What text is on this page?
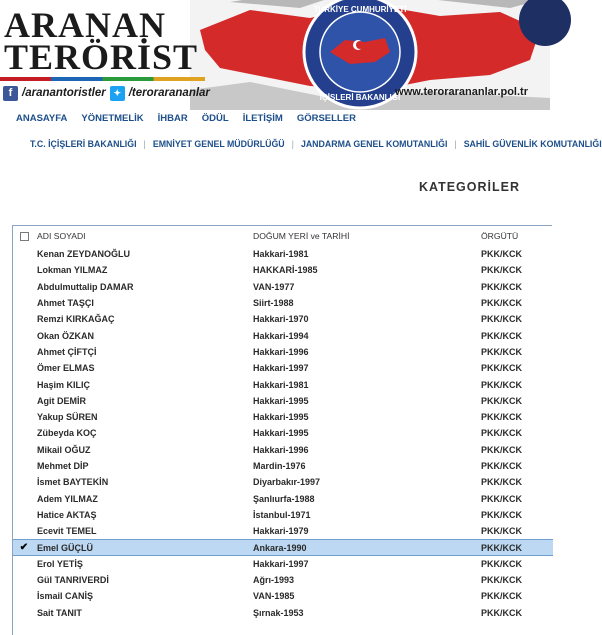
TÜRKİYE CUMHURİYETİ
İÇİŞLERİ BAKANLIĞI
ARANAN
TERÖRİST
f /aranantoristler ✦ /terorarananlar	www.terorarananlar.pol.tr
ANASAYFA YÖNETMELİK İHBAR ÖDÜL İLETİŞİM GÖRSELLER
T.C. İÇİŞLERİ BAKANLIĞI | EMNİYET GENEL MÜDÜRLÜĞÜ | JANDARMA GENEL KOMUTANLIĞI | SAHİL GÜVENLİK KOMUTANLIĞI
KATEGORİLER
ADI SOYADI	DOĞUM YERİ ve TARİHİ	ÖRGÜTÜ
Kenan ZEYDANOĞLU	Hakkari-1981	PKK/KCK
Lokman YILMAZ	HAKKARİ-1985	PKK/KCK
Abdulmuttalip DAMAR	VAN-1977	PKK/KCK
Ahmet TAŞÇI	Siirt-1988	PKK/KCK
Remzi KIRKAĞAÇ	Hakkari-1970	PKK/KCK
Okan ÖZKAN	Hakkari-1994	PKK/KCK
Ahmet ÇİFTÇİ	Hakkari-1996	PKK/KCK
Ömer ELMAS	Hakkari-1997	PKK/KCK
Haşim KILIÇ	Hakkari-1981	PKK/KCK
Agit DEMİR	Hakkari-1995	PKK/KCK
Yakup SÜREN	Hakkari-1995	PKK/KCK
Zübeyda KOÇ	Hakkari-1995	PKK/KCK
Mikail OĞUZ	Hakkari-1996	PKK/KCK
Mehmet DİP	Mardin-1976	PKK/KCK
İsmet BAYTEKİN	Diyarbakır-1997	PKK/KCK
Adem YILMAZ	Şanlıurfa-1988	PKK/KCK
Hatice AKTAŞ	İstanbul-1971	PKK/KCK
Ecevit TEMEL	Hakkari-1979	PKK/KCK
✔ Emel GÜÇLÜ	Ankara-1990	PKK/KCK
Erol YETİŞ	Hakkari-1997	PKK/KCK
Gül TANRIVERDİ	Ağrı-1993	PKK/KCK
İsmail CANİŞ	VAN-1985	PKK/KCK
Sait TANIT	Şırnak-1953	PKK/KCK
